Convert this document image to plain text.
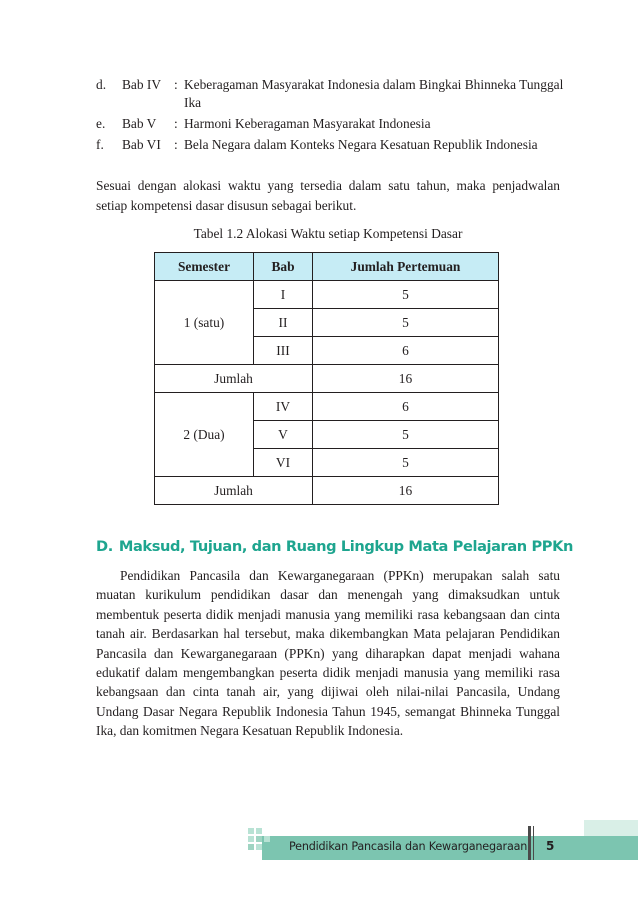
d.	Bab IV : Keberagaman Masyarakat Indonesia dalam Bingkai Bhinneka Tunggal Ika
e.	Bab V	: Harmoni Keberagaman Masyarakat Indonesia
f.	Bab VI : Bela Negara dalam Konteks Negara Kesatuan Republik Indonesia
Sesuai dengan alokasi waktu yang tersedia dalam satu tahun, maka penjadwalan setiap kompetensi dasar disusun sebagai berikut.
Tabel 1.2 Alokasi Waktu setiap Kompetensi Dasar
Semester	Bab	Jumlah Pertemuan
1 (satu)	I	5
	II	5
	III	6
Jumlah		16
2 (Dua)	IV	6
	V	5
	VI	5
Jumlah		16
D. Maksud, Tujuan, dan Ruang Lingkup Mata Pelajaran PPKn

Pendidikan Pancasila dan Kewarganegaraan (PPKn) merupakan salah satu muatan kurikulum pendidikan dasar dan menengah yang dimaksudkan untuk membentuk peserta didik menjadi manusia yang memiliki rasa kebangsaan dan cinta tanah air. Berdasarkan hal tersebut, maka dikembangkan Mata pelajaran Pendidikan Pancasila dan Kewarganegaraan (PPKn) yang diharapkan dapat menjadi wahana edukatif dalam mengembangkan peserta didik menjadi manusia yang memiliki rasa kebangsaan dan cinta tanah air, yang dijiwai oleh nilai-nilai Pancasila, Undang Undang Dasar Negara Republik Indonesia Tahun 1945, semangat Bhinneka Tunggal Ika, dan komitmen Negara Kesatuan Republik Indonesia.

Pendidikan Pancasila dan Kewarganegaraan 5
